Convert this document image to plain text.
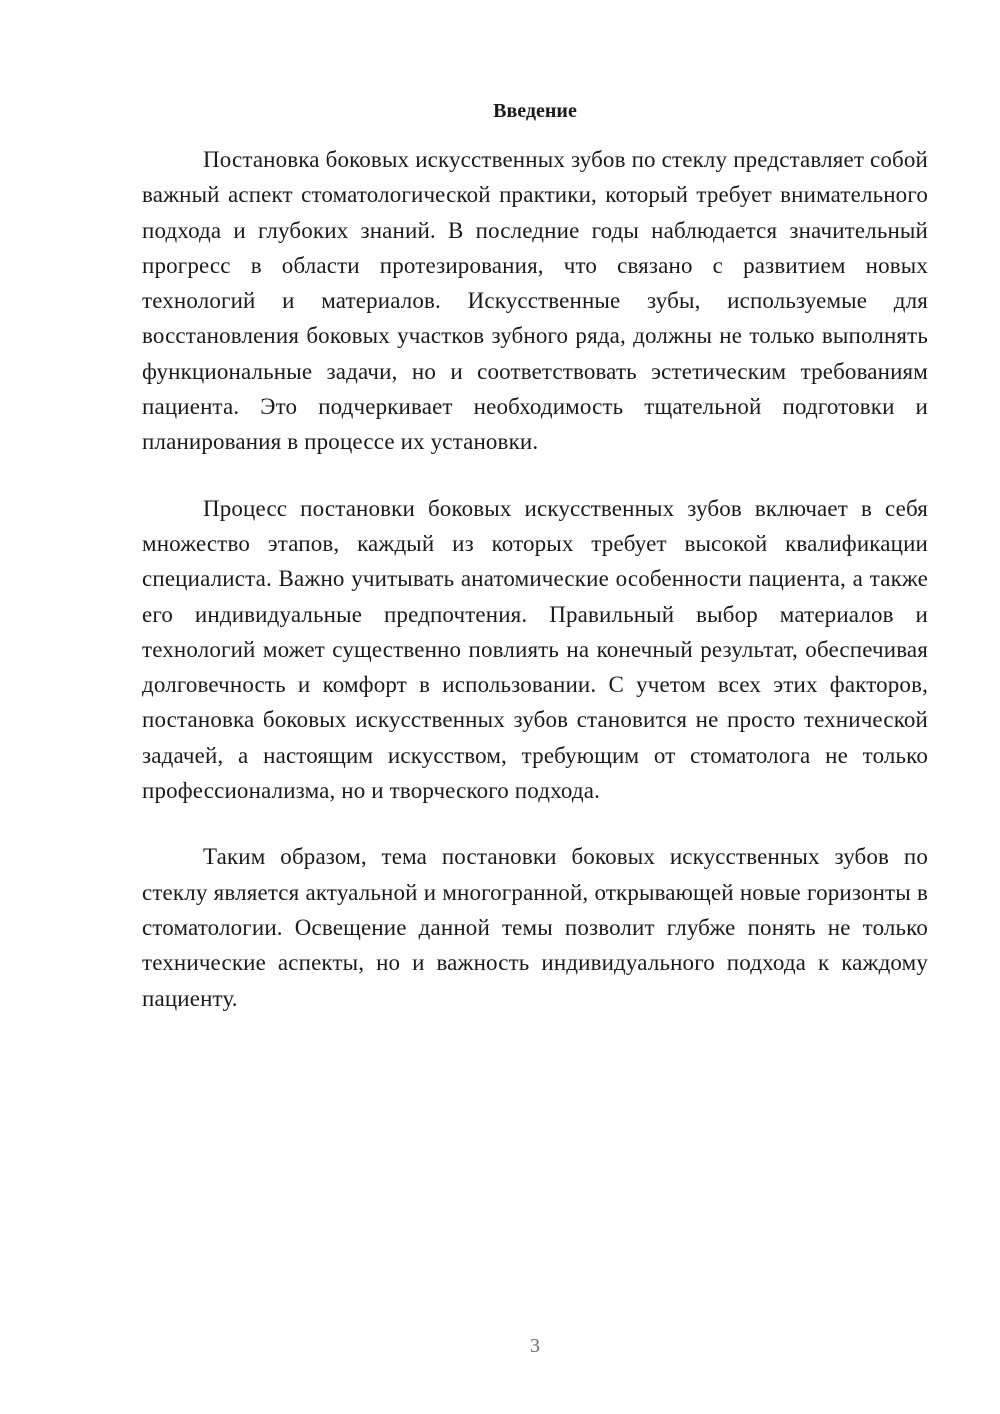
Введение

Постановка боковых искусственных зубов по стеклу представляет собой важный аспект стоматологической практики, который требует внимательного подхода и глубоких знаний. В последние годы наблюдается значительный прогресс в области протезирования, что связано с развитием новых технологий и материалов. Искусственные зубы, используемые для восстановления боковых участков зубного ряда, должны не только выполнять функциональные задачи, но и соответствовать эстетическим требованиям пациента. Это подчеркивает необходимость тщательной подготовки и планирования в процессе их установки.

Процесс постановки боковых искусственных зубов включает в себя множество этапов, каждый из которых требует высокой квалификации специалиста. Важно учитывать анатомические особенности пациента, а также его индивидуальные предпочтения. Правильный выбор материалов и технологий может существенно повлиять на конечный результат, обеспечивая долговечность и комфорт в использовании. С учетом всех этих факторов, постановка боковых искусственных зубов становится не просто технической задачей, а настоящим искусством, требующим от стоматолога не только профессионализма, но и творческого подхода.

Таким образом, тема постановки боковых искусственных зубов по стеклу является актуальной и многогранной, открывающей новые горизонты в стоматологии. Освещение данной темы позволит глубже понять не только технические аспекты, но и важность индивидуального подхода к каждому пациенту.

3
